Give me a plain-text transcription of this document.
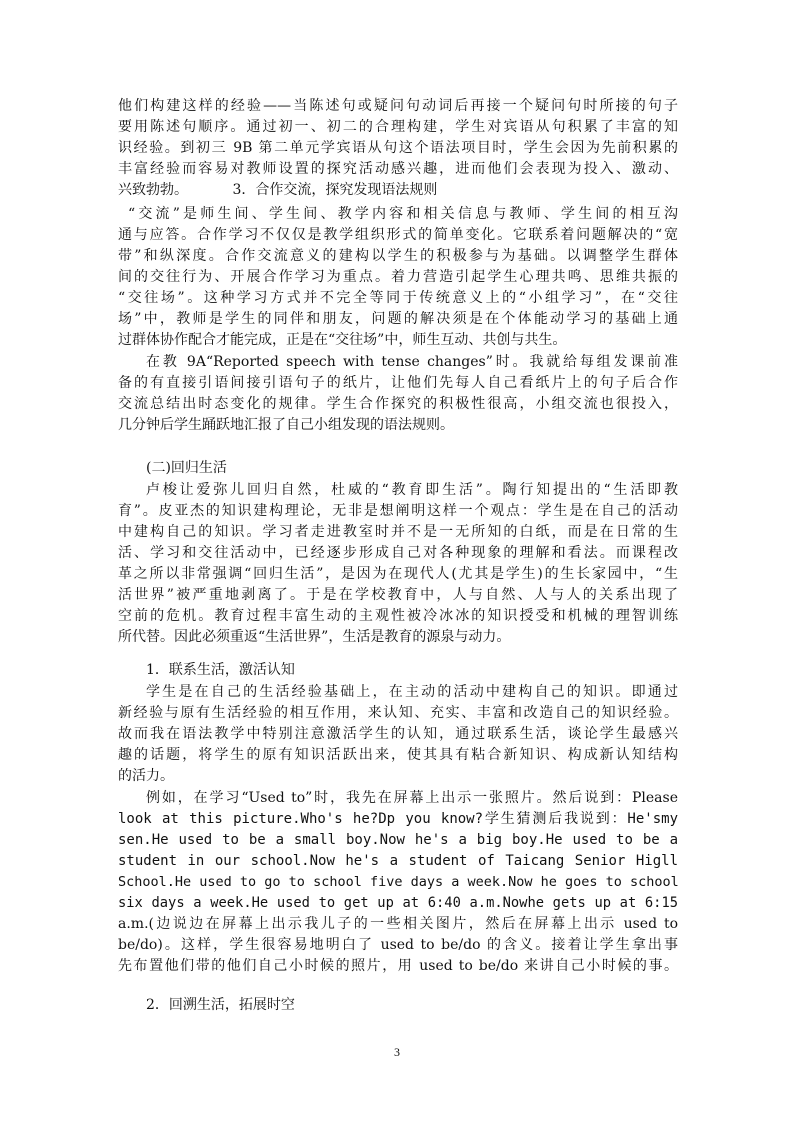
他们构建这样的经验——当陈述句或疑问句动词后再接一个疑问句时所接的句子
要用陈述句顺序。通过初一、初二的合理构建，学生对宾语从句积累了丰富的知
识经验。到初三 9B 第二单元学宾语从句这个语法项目时，学生会因为先前积累的
丰富经验而容易对教师设置的探究活动感兴趣，进而他们会表现为投入、激动、
兴致勃勃。          3．合作交流，探究发现语法规则
“交流”是师生间、学生间、教学内容和相关信息与教师、学生间的相互沟
通与应答。合作学习不仅仅是教学组织形式的简单变化。它联系着问题解决的“宽
带”和纵深度。合作交流意义的建构以学生的积极参与为基础。以调整学生群体
间的交往行为、开展合作学习为重点。着力营造引起学生心理共鸣、思维共振的
“交往场”。这种学习方式并不完全等同于传统意义上的“小组学习”，在“交往
场”中，教师是学生的同伴和朋友，问题的解决须是在个体能动学习的基础上通
过群体协作配合才能完成，正是在“交往场”中，师生互动、共创与共生。
在教 9A“Reported speech with tense changes”时。我就给每组发课前准
备的有直接引语间接引语句子的纸片，让他们先每人自己看纸片上的句子后合作
交流总结出时态变化的规律。学生合作探究的积极性很高，小组交流也很投入，
几分钟后学生踊跃地汇报了自己小组发现的语法规则。
(二)回归生活
卢梭让爱弥儿回归自然，杜威的“教育即生活”。陶行知提出的“生活即教
育”。皮亚杰的知识建构理论，无非是想阐明这样一个观点：学生是在自己的活动
中建构自己的知识。学习者走进教室时并不是一无所知的白纸，而是在日常的生
活、学习和交往活动中，已经逐步形成自己对各种现象的理解和看法。而课程改
革之所以非常强调“回归生活”，是因为在现代人(尤其是学生)的生长家园中，“生
活世界”被严重地剥离了。于是在学校教育中，人与自然、人与人的关系出现了
空前的危机。教育过程丰富生动的主观性被冷冰冰的知识授受和机械的理智训练
所代替。因此必须重返“生活世界”，生活是教育的源泉与动力。
1．联系生活，激活认知
学生是在自己的生活经验基础上，在主动的活动中建构自己的知识。即通过
新经验与原有生活经验的相互作用，来认知、充实、丰富和改造自己的知识经验。
故而我在语法教学中特别注意激活学生的认知，通过联系生活，谈论学生最感兴
趣的话题，将学生的原有知识活跃出来，使其具有粘合新知识、构成新认知结构
的活力。
例如，在学习“Used to”时，我先在屏幕上出示一张照片。然后说到：Please
look at this picture.Who's he?Dp you know?学生猜测后我说到：He'smy
sen.He used to be a small boy.Now he's a big boy.He used to be a
student in our school.Now he's a student of Taicang Senior Higll
School.He used to go to school five days a week.Now he goes to school
six days a week.He used to get up at 6:40 a.m.Nowhe gets up at 6:15
a.m.(边说边在屏幕上出示我儿子的一些相关图片，然后在屏幕上出示 used to
be/do)。这样，学生很容易地明白了 used to be/do 的含义。接着让学生拿出事
先布置他们带的他们自己小时候的照片，用 used to be/do 来讲自己小时候的事。
2．回溯生活，拓展时空
3
